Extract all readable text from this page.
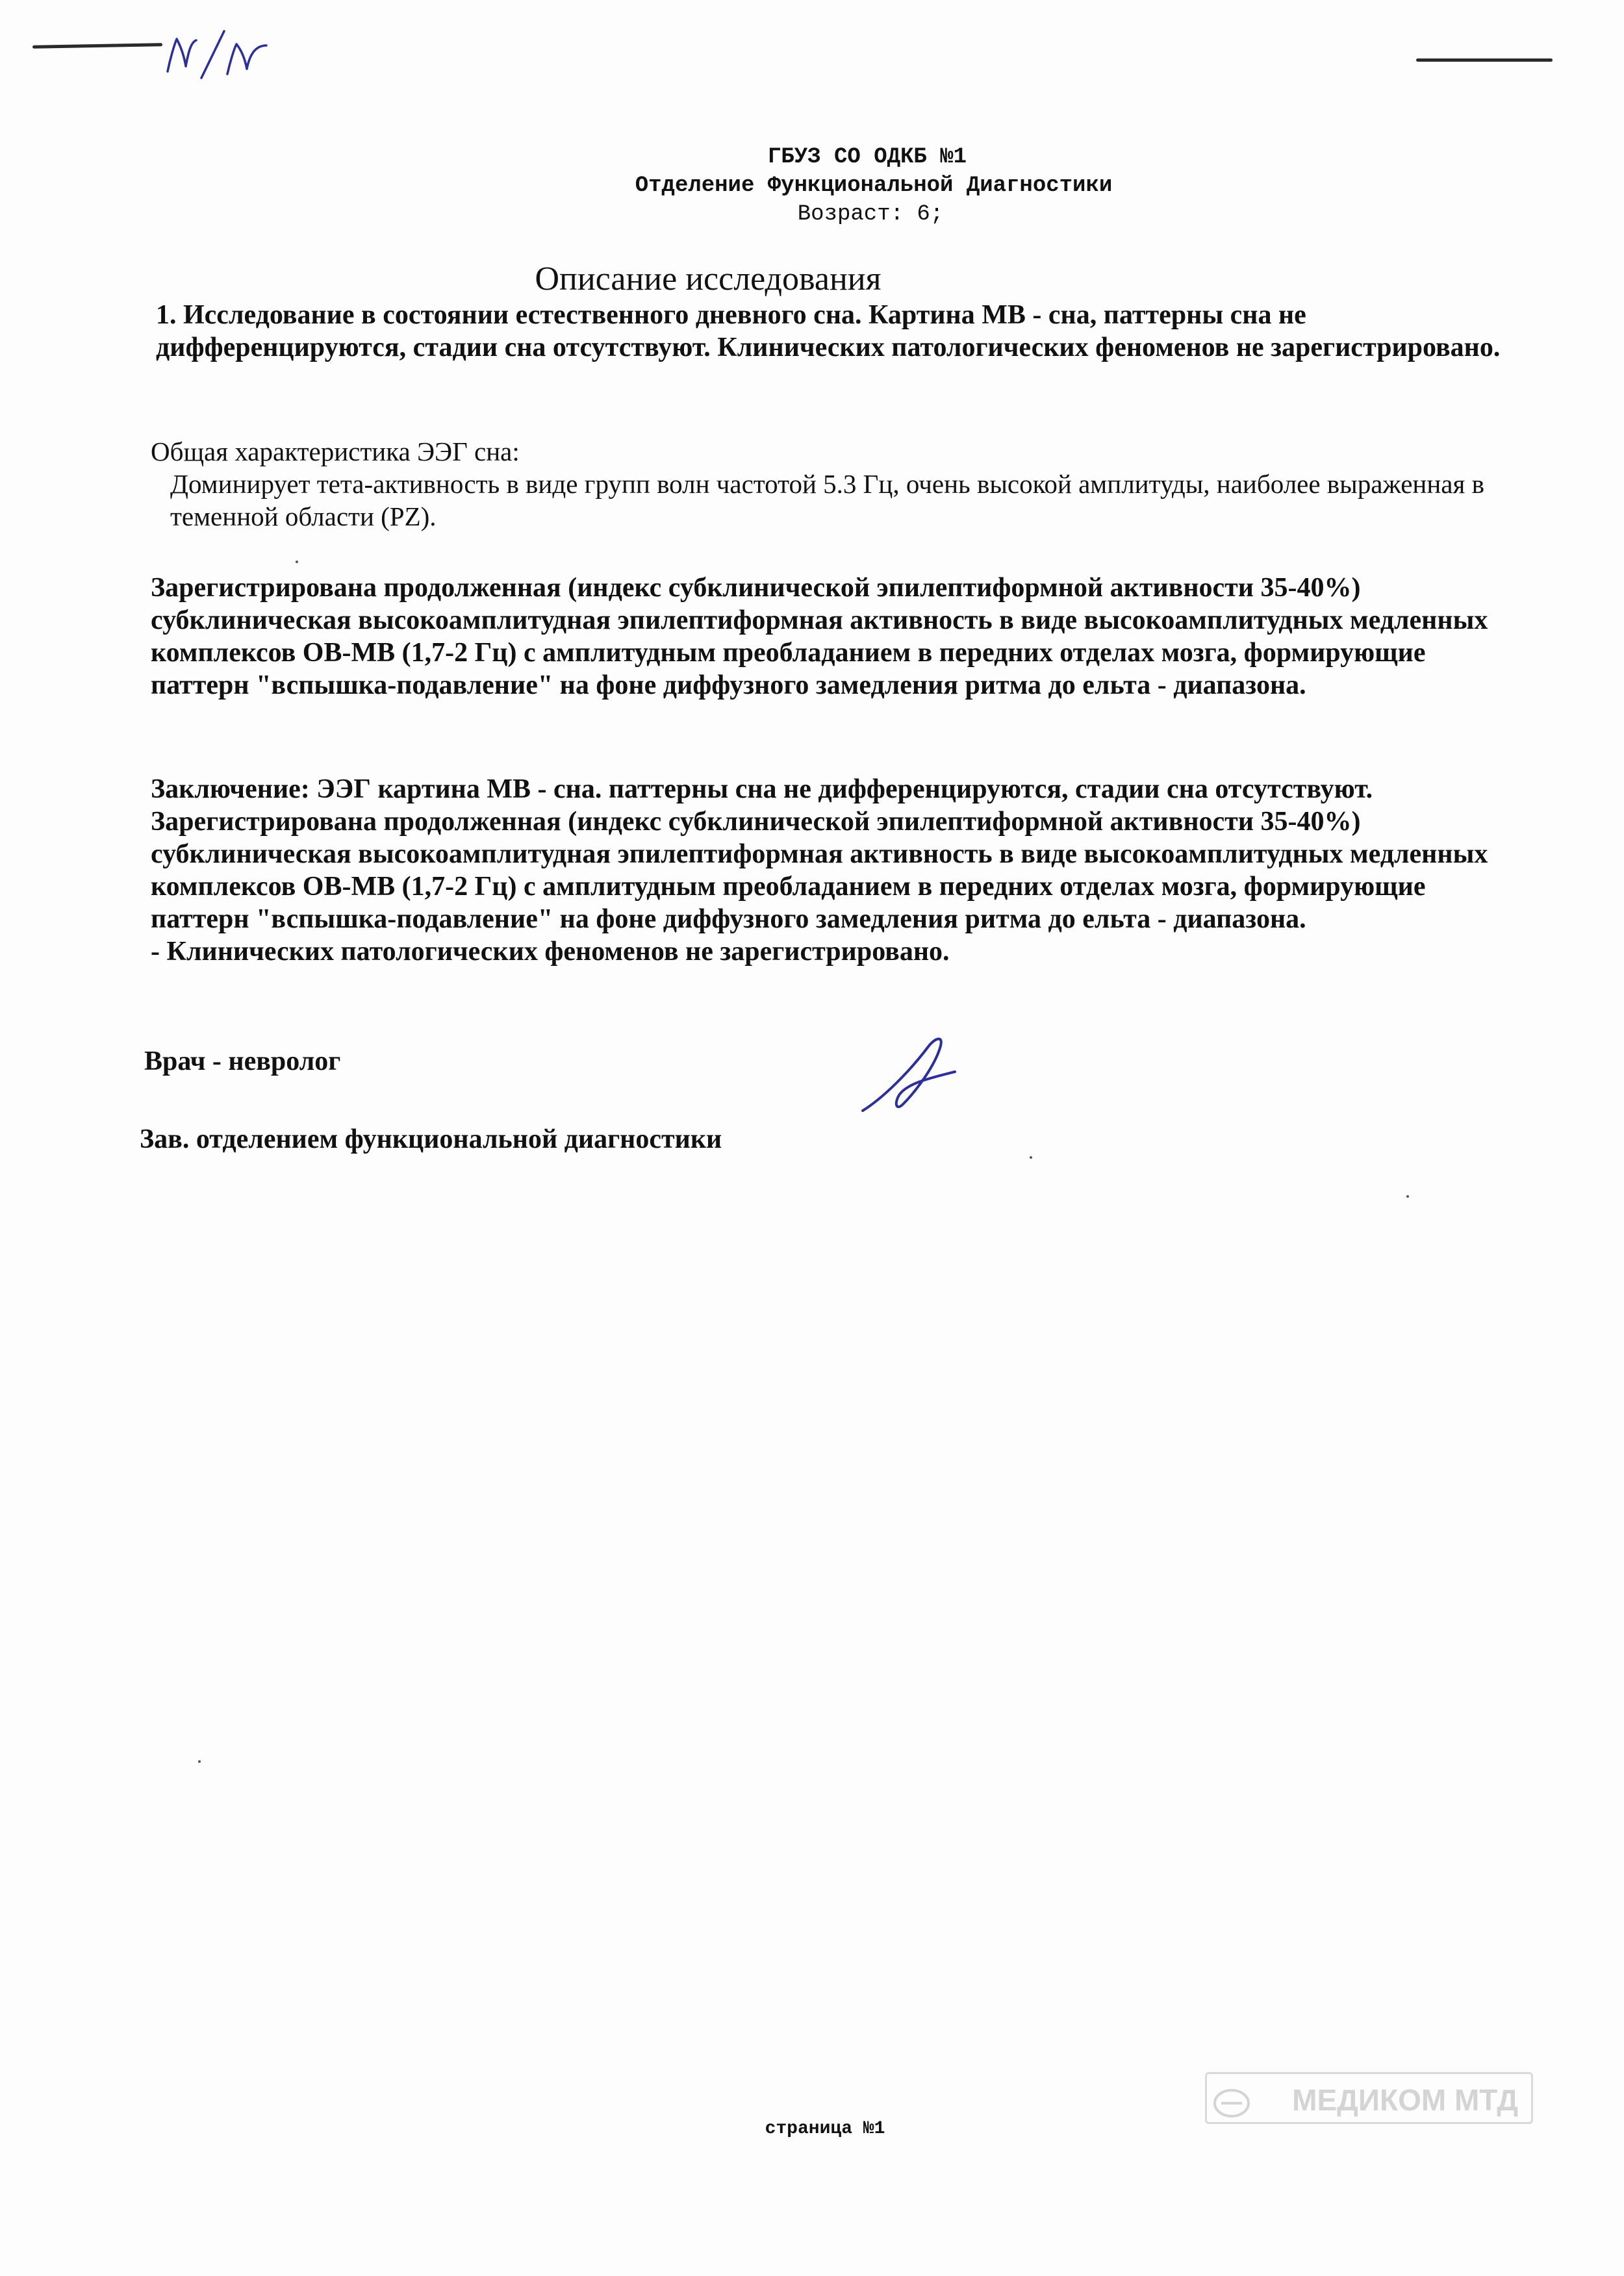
ГБУЗ СО ОДКБ №1
Отделение Функциональной Диагностики
Возраст: 6;
Описание исследования
1. Исследование в состоянии естественного дневного сна. Картина МВ - сна, паттерны сна не дифференцируются, стадии сна отсутствуют. Клинических патологических феноменов не зарегистрировано.
Общая характеристика ЭЭГ сна:
Доминирует тета-активность в виде групп волн частотой 5.3 Гц, очень высокой амплитуды, наиболее выраженная в теменной области (PZ).
Зарегистрирована продолженная (индекс субклинической эпилептиформной активности 35-40%) субклиническая высокоамплитудная эпилептиформная активность в виде высокоамплитудных медленных комплексов ОВ-МВ (1,7-2 Гц) с амплитудным преобладанием в передних отделах мозга, формирующие паттерн "вспышка-подавление" на фоне диффузного замедления ритма до ельта - диапазона.
Заключение: ЭЭГ картина МВ - сна. паттерны сна не дифференцируются, стадии сна отсутствуют. Зарегистрирована продолженная (индекс субклинической эпилептиформной активности 35-40%) субклиническая высокоамплитудная эпилептиформная активность в виде высокоамплитудных медленных комплексов ОВ-МВ (1,7-2 Гц) с амплитудным преобладанием в передних отделах мозга, формирующие паттерн "вспышка-подавление" на фоне диффузного замедления ритма до ельта - диапазона.
- Клинических патологических феноменов не зарегистрировано.
Врач - невролог
Зав. отделением функциональной диагностики
МЕДИКОМ МТД
страница №1
